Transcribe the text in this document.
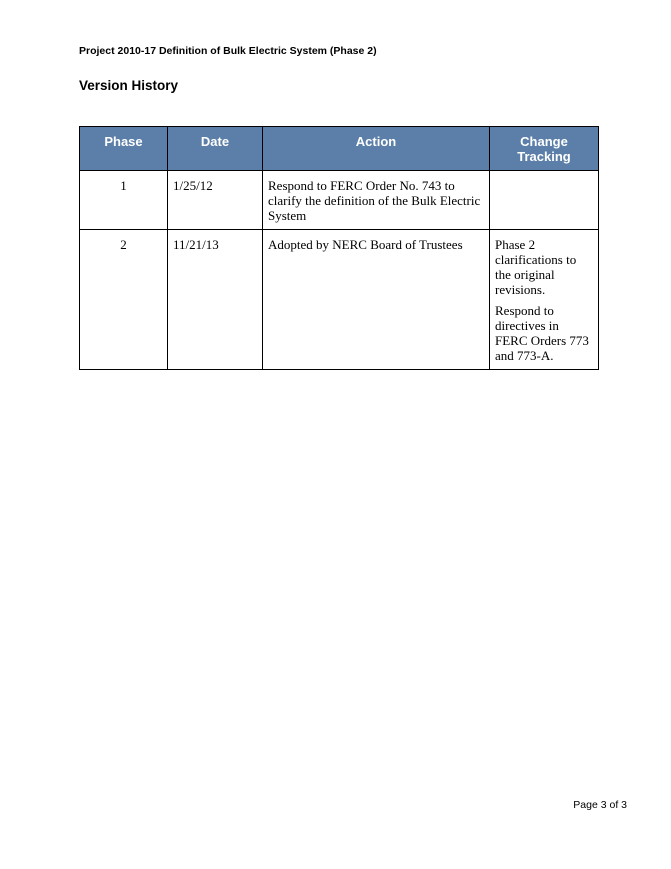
Project 2010-17 Definition of Bulk Electric System (Phase 2)
Version History
Phase	Date	Action	Change Tracking
1	1/25/12	Respond to FERC Order No. 743 to clarify the definition of the Bulk Electric System	
2	11/21/13	Adopted by NERC Board of Trustees	Phase 2 clarifications to the original revisions.

Respond to directives in FERC Orders 773 and 773-A.

Page 3 of 3
